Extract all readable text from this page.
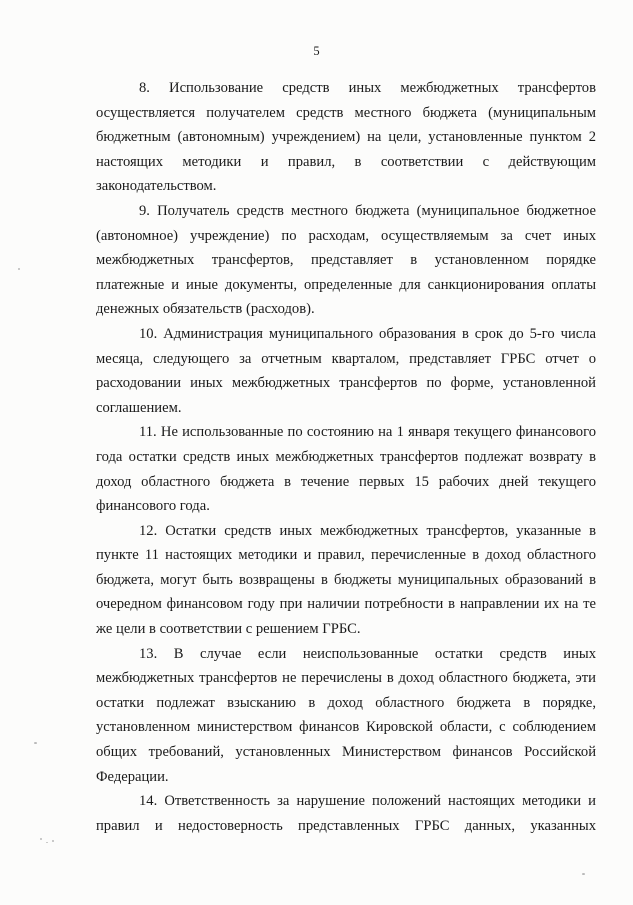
5

8. Использование средств иных межбюджетных трансфертов осуществляется получателем средств местного бюджета (муниципальным бюджетным (автономным) учреждением) на цели, установленные пунктом 2 настоящих методики и правил, в соответствии с действующим законодательством.

9. Получатель средств местного бюджета (муниципальное бюджетное (автономное) учреждение) по расходам, осуществляемым за счет иных межбюджетных трансфертов, представляет в установленном порядке платежные и иные документы, определенные для санкционирования оплаты денежных обязательств (расходов).

10. Администрация муниципального образования в срок до 5-го числа месяца, следующего за отчетным кварталом, представляет ГРБС отчет о расходовании иных межбюджетных трансфертов по форме, установленной соглашением.

11. Не использованные по состоянию на 1 января текущего финансового года остатки средств иных межбюджетных трансфертов подлежат возврату в доход областного бюджета в течение первых 15 рабочих дней текущего финансового года.

12. Остатки средств иных межбюджетных трансфертов, указанные в пункте 11 настоящих методики и правил, перечисленные в доход областного бюджета, могут быть возвращены в бюджеты муниципальных образований в очередном финансовом году при наличии потребности в направлении их на те же цели в соответствии с решением ГРБС.

13. В случае если неиспользованные остатки средств иных межбюджетных трансфертов не перечислены в доход областного бюджета, эти остатки подлежат взысканию в доход областного бюджета в порядке, установленном министерством финансов Кировской области, с соблюдением общих требований, установленных Министерством финансов Российской Федерации.

14. Ответственность за нарушение положений настоящих методики и правил и недостоверность представленных ГРБС данных, указанных
